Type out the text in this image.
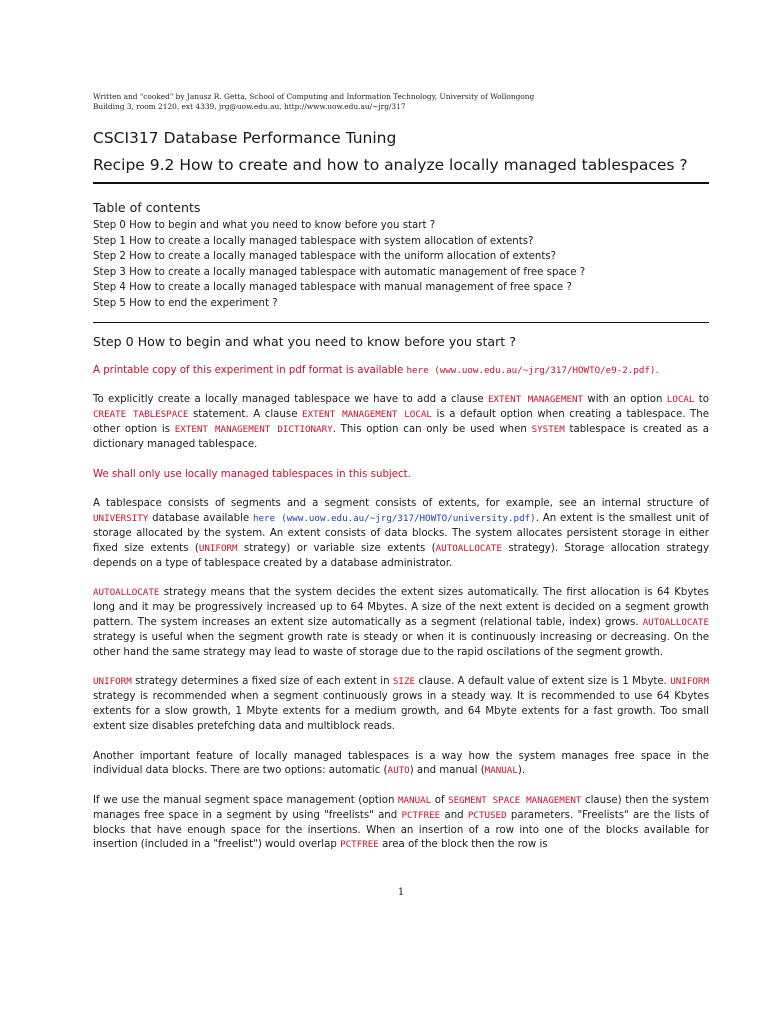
Written and "cooked" by Janusz R. Getta, School of Computing and Information Technology, University of Wollongong
Building 3, room 2120, ext 4339, jrg@uow.edu.au, http://www.uow.edu.au/~jrg/317
CSCI317 Database Performance Tuning
Recipe 9.2 How to create and how to analyze locally managed tablespaces ?
Table of contents
Step 0 How to begin and what you need to know before you start ?
Step 1 How to create a locally managed tablespace with system allocation of extents?
Step 2 How to create a locally managed tablespace with the uniform allocation of extents?
Step 3 How to create a locally managed tablespace with automatic management of free space ?
Step 4 How to create a locally managed tablespace with manual management of free space ?
Step 5 How to end the experiment ?
Step 0 How to begin and what you need to know before you start ?

A printable copy of this experiment in pdf format is available here (www.uow.edu.au/~jrg/317/HOWTO/e9-2.pdf).

To explicitly create a locally managed tablespace we have to add a clause EXTENT MANAGEMENT with an option LOCAL to CREATE TABLESPACE statement. A clause EXTENT MANAGEMENT LOCAL is a default option when creating a tablespace. The other option is EXTENT MANAGEMENT DICTIONARY. This option can only be used when SYSTEM tablespace is created as a dictionary managed tablespace.

We shall only use locally managed tablespaces in this subject.

A tablespace consists of segments and a segment consists of extents, for example, see an internal structure of UNIVERSITY database available here (www.uow.edu.au/~jrg/317/HOWTO/university.pdf). An extent is the smallest unit of storage allocated by the system. An extent consists of data blocks. The system allocates persistent storage in either fixed size extents (UNIFORM strategy) or variable size extents (AUTOALLOCATE strategy). Storage allocation strategy depends on a type of tablespace created by a database administrator.

AUTOALLOCATE strategy means that the system decides the extent sizes automatically. The first allocation is 64 Kbytes long and it may be progressively increased up to 64 Mbytes. A size of the next extent is decided on a segment growth pattern. The system increases an extent size automatically as a segment (relational table, index) grows. AUTOALLOCATE strategy is useful when the segment growth rate is steady or when it is continuously increasing or decreasing. On the other hand the same strategy may lead to waste of storage due to the rapid oscilations of the segment growth.

UNIFORM strategy determines a fixed size of each extent in SIZE clause. A default value of extent size is 1 Mbyte. UNIFORM strategy is recommended when a segment continuously grows in a steady way. It is recommended to use 64 Kbytes extents for a slow growth, 1 Mbyte extents for a medium growth, and 64 Mbyte extents for a fast growth. Too small extent size disables pretefching data and multiblock reads.

Another important feature of locally managed tablespaces is a way how the system manages free space in the individual data blocks. There are two options: automatic (AUTO) and manual (MANUAL).

If we use the manual segment space management (option MANUAL of SEGMENT SPACE MANAGEMENT clause) then the system manages free space in a segment by using "freelists" and PCTFREE and PCTUSED parameters. "Freelists" are the lists of blocks that have enough space for the insertions. When an insertion of a row into one of the blocks available for insertion (included in a "freelist") would overlap PCTFREE area of the block then the row is

1
